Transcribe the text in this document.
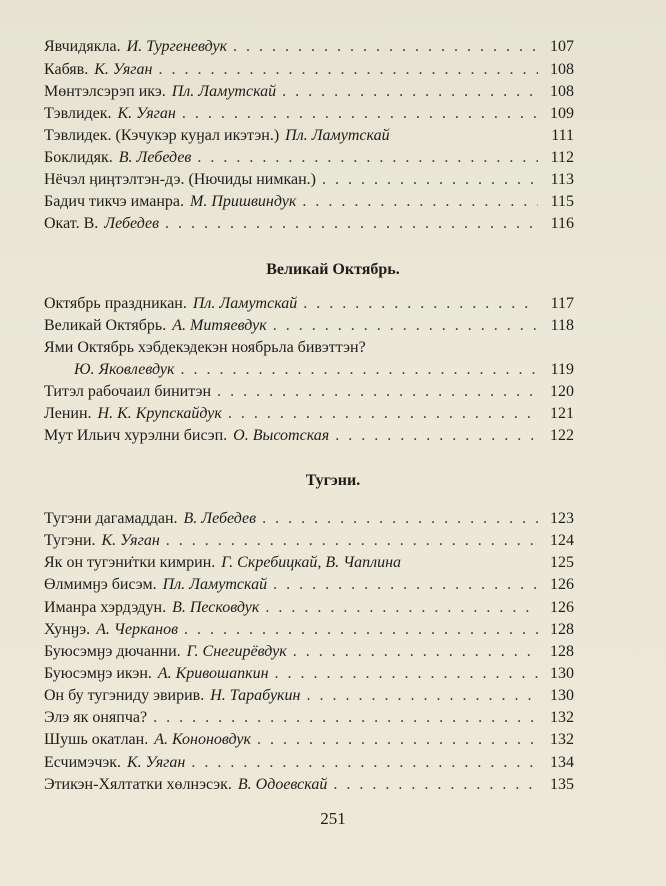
Явчидякла. И. Тургеневдук . . .	107
Кабяв. К. Уяган . . .	108
Мөнтэлсэрэп икэ. Пл. Ламутскай . . .	108
Тэвлидек. К. Уяган . . .	109
Тэвлидек. (Кэчукэр куӈал икэтэн.) Пл. Ламутскай	111
Боклидяк. В. Лебедев . . .	112
Нёчэл ӊиӊтэлтэн-дэ. (Нючиды нимкан.) . . .	113
Бадич тикчэ иманра. М. Пришвиндук . . .	115
Окат. В. Лебедев . . .	116
Великай Октябрь.
Октябрь праздникан. Пл. Ламутскай . . .	117
Великай Октябрь. А. Митяевдук . . .	118
Ями Октябрь хэбдекэдекэн ноябрьла бивэттэн?
Ю. Яковлевдук . . .	119
Титэл рабочаил бинитэн . . .	120
Ленин. Н. К. Крупскайдук . . .	121
Мут Ильич хурэлни бисэп. О. Высотская . . .	122
Тугэни.
Тугэни дагамаддан. В. Лебедев . . .	123
Тугэни. К. Уяган . . .	124
Як он тугэни̇тки кимрин. Г. Скребицкай, В. Чаплина	125
Өлмимӈэ бисэм. Пл. Ламутскай . . .	126
Иманра хэрдэдун. В. Песковдук . . .	126
Хунӈэ. А. Черканов . . .	128
Буюсэмӈэ дючанни. Г. Снегирёвдук . . .	128
Буюсэмӈэ икэн. А. Кривошапкин . . .	130
Он бу тугэниду эвирив. Н. Тарабукин . . .	130
Элэ як оняпча? . . .	132
Шушь окатлан. А. Кононовдук . . .	132
Есчимэчэк. К. Уяган . . .	134
Этикэн-Хялтатки хөлнэсэк. В. Одоевскай . . .	135
251
